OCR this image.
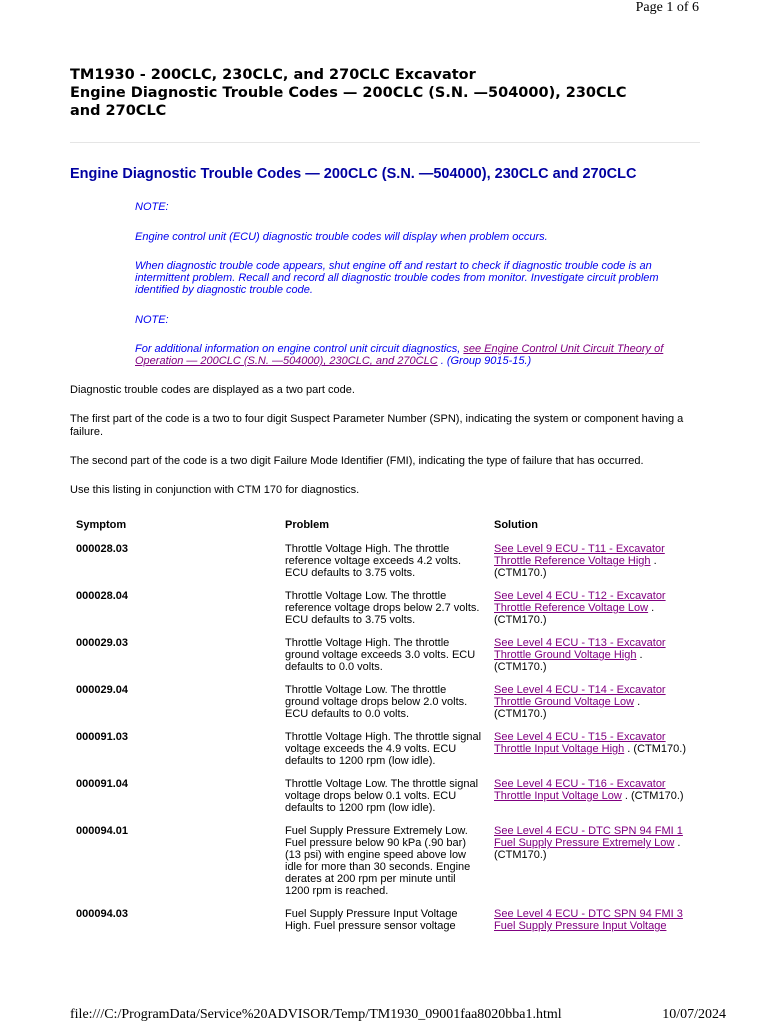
Page 1 of 6
TM1930 - 200CLC, 230CLC, and 270CLC Excavator
Engine Diagnostic Trouble Codes — 200CLC (S.N. —504000), 230CLC
and 270CLC
Engine Diagnostic Trouble Codes — 200CLC (S.N. —504000), 230CLC and 270CLC

NOTE:

Engine control unit (ECU) diagnostic trouble codes will display when problem occurs.

When diagnostic trouble code appears, shut engine off and restart to check if diagnostic trouble code is an intermittent problem. Recall and record all diagnostic trouble codes from monitor. Investigate circuit problem identified by diagnostic trouble code.

NOTE:

For additional information on engine control unit circuit diagnostics, see Engine Control Unit Circuit Theory of Operation — 200CLC (S.N. —504000), 230CLC, and 270CLC . (Group 9015-15.)

Diagnostic trouble codes are displayed as a two part code.

The first part of the code is a two to four digit Suspect Parameter Number (SPN), indicating the system or component having a failure.

The second part of the code is a two digit Failure Mode Identifier (FMI), indicating the type of failure that has occurred.

Use this listing in conjunction with CTM 170 for diagnostics.

Symptom	Problem	Solution
000028.03	Throttle Voltage High. The throttle reference voltage exceeds 4.2 volts. ECU defaults to 3.75 volts.	See Level 9 ECU - T11 - Excavator Throttle Reference Voltage High . (CTM170.)
000028.04	Throttle Voltage Low. The throttle reference voltage drops below 2.7 volts. ECU defaults to 3.75 volts.	See Level 4 ECU - T12 - Excavator Throttle Reference Voltage Low . (CTM170.)
000029.03	Throttle Voltage High. The throttle ground voltage exceeds 3.0 volts. ECU defaults to 0.0 volts.	See Level 4 ECU - T13 - Excavator Throttle Ground Voltage High . (CTM170.)
000029.04	Throttle Voltage Low. The throttle ground voltage drops below 2.0 volts. ECU defaults to 0.0 volts.	See Level 4 ECU - T14 - Excavator Throttle Ground Voltage Low . (CTM170.)
000091.03	Throttle Voltage High. The throttle signal voltage exceeds the 4.9 volts. ECU defaults to 1200 rpm (low idle).	See Level 4 ECU - T15 - Excavator Throttle Input Voltage High . (CTM170.)
000091.04	Throttle Voltage Low. The throttle signal voltage drops below 0.1 volts. ECU defaults to 1200 rpm (low idle).	See Level 4 ECU - T16 - Excavator Throttle Input Voltage Low . (CTM170.)
000094.01	Fuel Supply Pressure Extremely Low. Fuel pressure below 90 kPa (.90 bar) (13 psi) with engine speed above low idle for more than 30 seconds. Engine derates at 200 rpm per minute until 1200 rpm is reached.	See Level 4 ECU - DTC SPN 94 FMI 1 Fuel Supply Pressure Extremely Low . (CTM170.)
000094.03	Fuel Supply Pressure Input Voltage High. Fuel pressure sensor voltage	See Level 4 ECU - DTC SPN 94 FMI 3 Fuel Supply Pressure Input Voltage
file:///C:/ProgramData/Service%20ADVISOR/Temp/TM1930_09001faa8020bba1.html	10/07/2024
